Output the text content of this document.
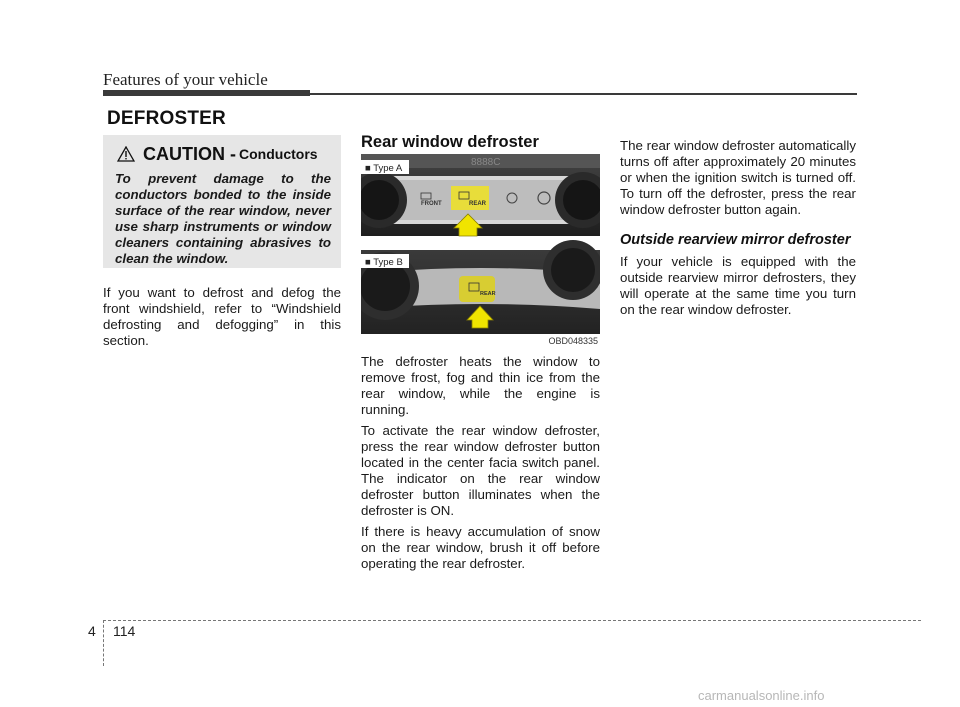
Features of your vehicle
DEFROSTER
CAUTION - Conductors
To prevent damage to the conductors bonded to the inside surface of the rear window, never use sharp instruments or window cleaners containing abrasives to clean the window.
If you want to defrost and defog the front windshield, refer to “Windshield defrosting and defogging” in this section.
Rear window defroster
8888C
FRONT	REAR
■ Type A
REAR
■ Type B
OBD048335

The defroster heats the window to remove frost, fog and thin ice from the rear window, while the engine is running.

To activate the rear window defroster, press the rear window defroster button located in the center facia switch panel. The indicator on the rear window defroster button illuminates when the defroster is ON.

If there is heavy accumulation of snow on the rear window, brush it off before operating the rear defroster.

The rear window defroster automatically turns off after approximately 20 minutes or when the ignition switch is turned off. To turn off the defroster, press the rear window defroster button again.

Outside rearview mirror defroster

If your vehicle is equipped with the outside rearview mirror defrosters, they will operate at the same time you turn on the rear window defroster.

4 114
carmanualsonline.info
